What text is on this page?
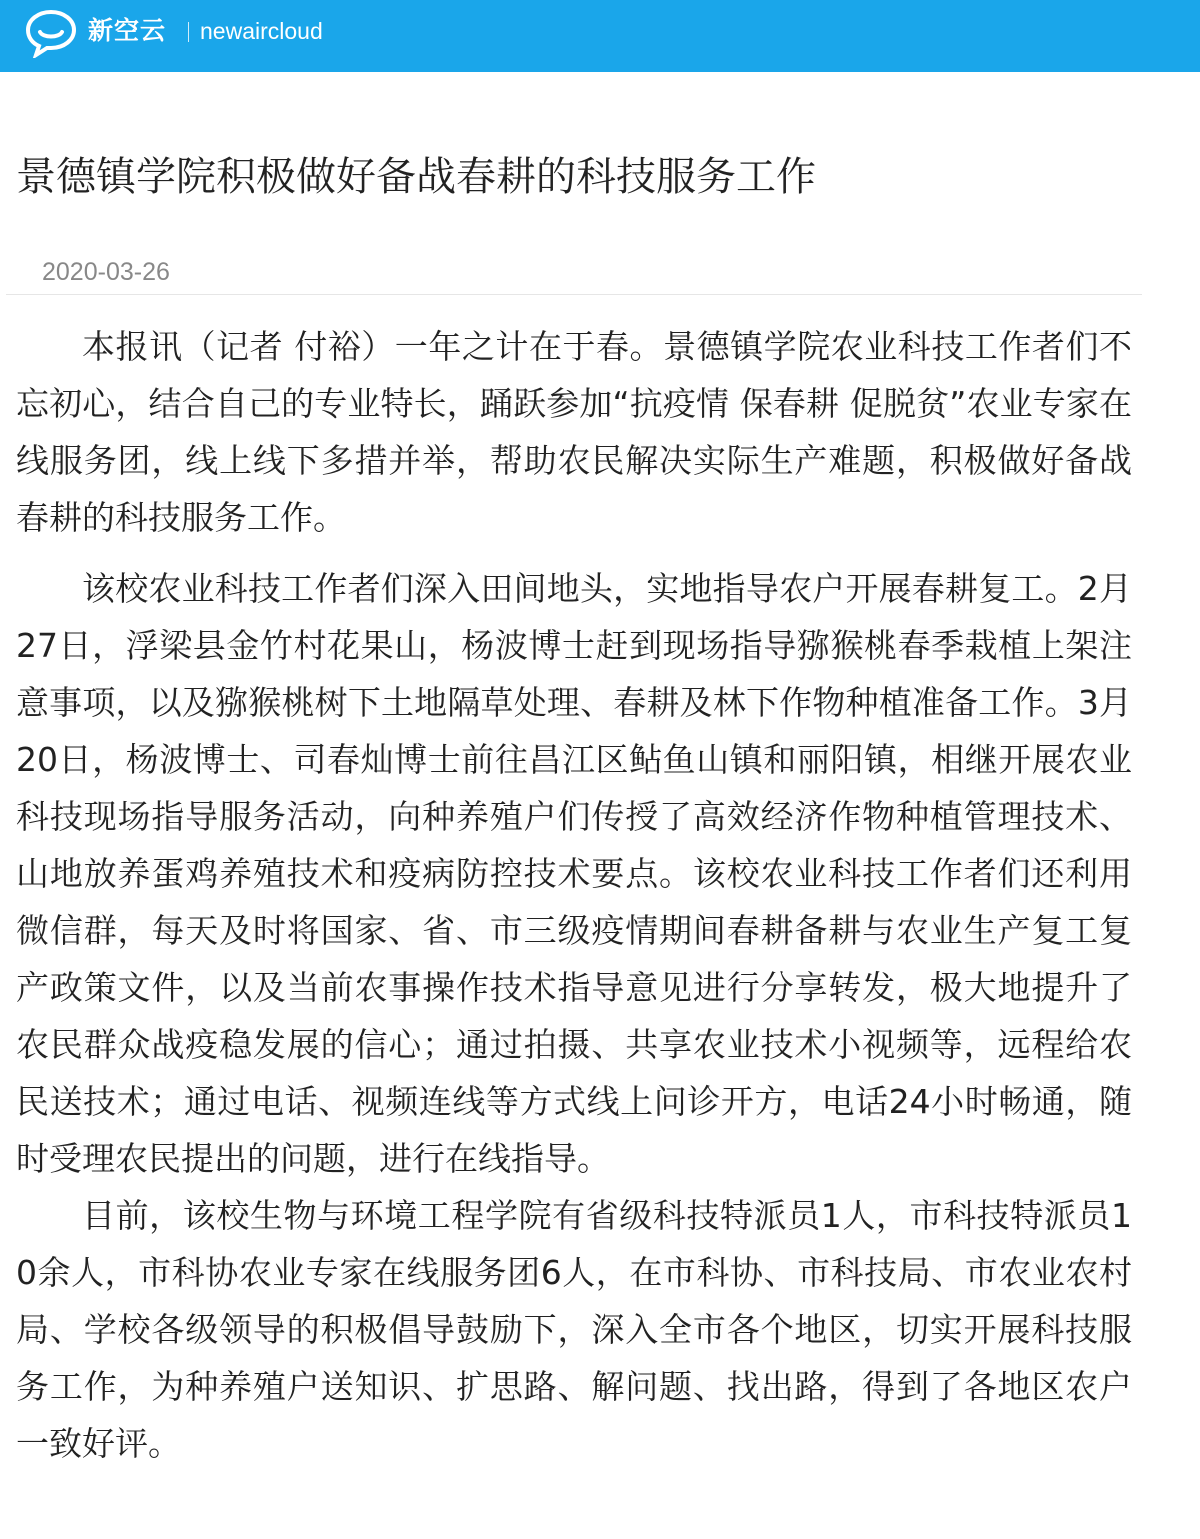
新空云 newaircloud
景德镇学院积极做好备战春耕的科技服务工作
2020-03-26

本报讯（记者 付裕）一年之计在于春。景德镇学院农业科技工作者们不忘初心，结合自己的专业特长，踊跃参加“抗疫情 保春耕 促脱贫”农业专家在线服务团，线上线下多措并举，帮助农民解决实际生产难题，积极做好备战春耕的科技服务工作。

该校农业科技工作者们深入田间地头，实地指导农户开展春耕复工。2月27日，浮梁县金竹村花果山，杨波博士赶到现场指导猕猴桃春季栽植上架注意事项，以及猕猴桃树下土地隔草处理、春耕及林下作物种植准备工作。3月20日，杨波博士、司春灿博士前往昌江区鲇鱼山镇和丽阳镇，相继开展农业科技现场指导服务活动，向种养殖户们传授了高效经济作物种植管理技术、山地放养蛋鸡养殖技术和疫病防控技术要点。该校农业科技工作者们还利用微信群，每天及时将国家、省、市三级疫情期间春耕备耕与农业生产复工复产政策文件，以及当前农事操作技术指导意见进行分享转发，极大地提升了农民群众战疫稳发展的信心；通过拍摄、共享农业技术小视频等，远程给农民送技术；通过电话、视频连线等方式线上问诊开方，电话24小时畅通，随时受理农民提出的问题，进行在线指导。

目前，该校生物与环境工程学院有省级科技特派员1人，市科技特派员10余人，市科协农业专家在线服务团6人，在市科协、市科技局、市农业农村局、学校各级领导的积极倡导鼓励下，深入全市各个地区，切实开展科技服务工作，为种养殖户送知识、扩思路、解问题、找出路，得到了各地区农户一致好评。
